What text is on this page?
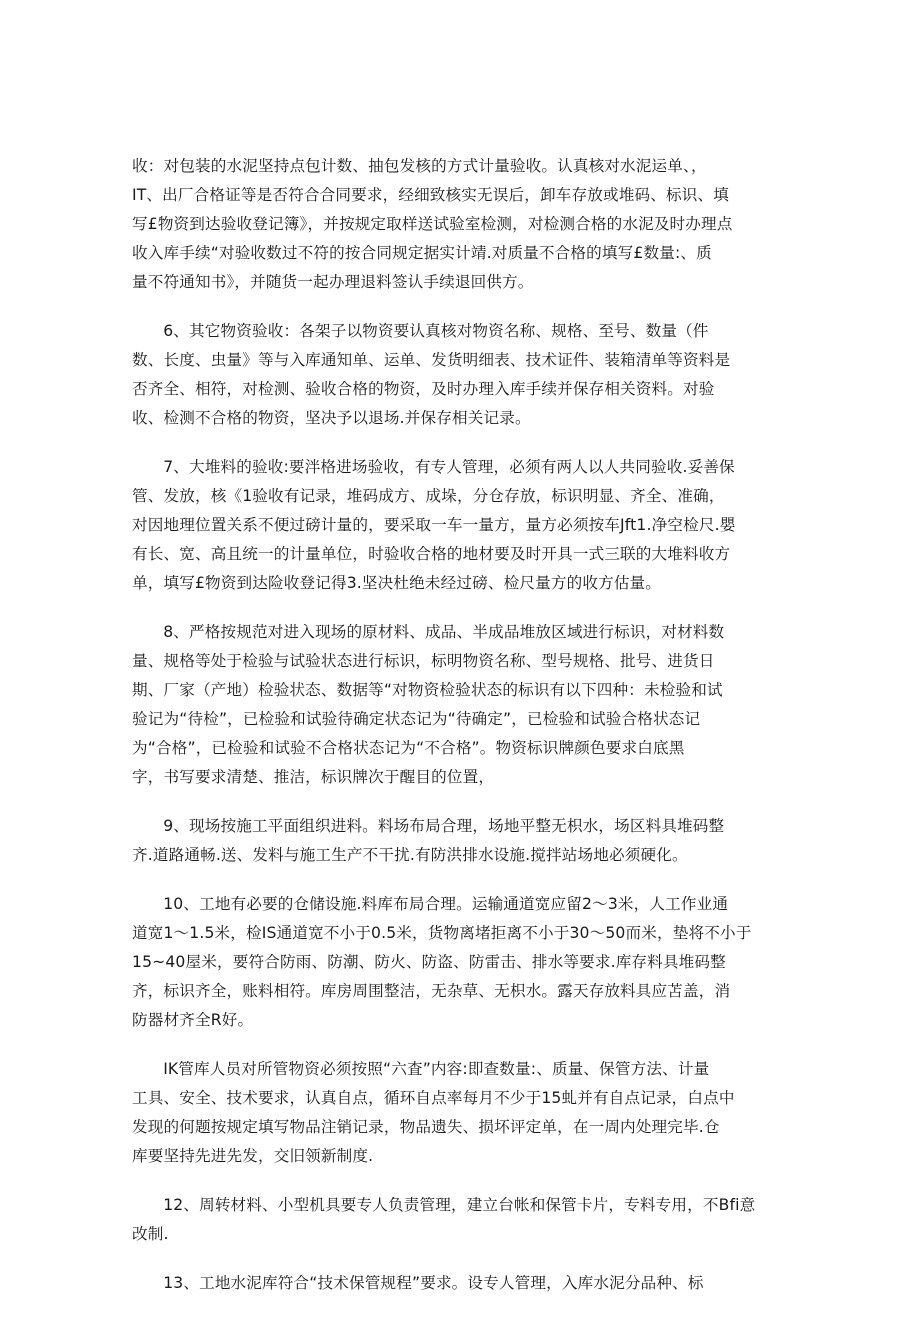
收：对包装的水泥坚持点包计数、抽包发核的方式计量验收。认真核对水泥运单、，
IT、出厂合格证等是否符合合同要求，经细致核实无误后，卸车存放或堆码、标识、填
写£物资到达验收登记簿》，并按规定取样送试验室检测，对检测合格的水泥及时办理点
收入库手续“对验收数过不符的按合同规定据实计靖.对质量不合格的填写£数量:、质
量不符通知书》，并随货一起办理退料签认手续退回供方。

6、其它物资验收：各架子以物资要认真核对物资名称、规格、至号、数量（件
数、长度、虫量》等与入库通知单、运单、发货明细表、技术证件、装箱清单等资料是
否齐全、相符，对检测、验收合格的物资，及时办理入库手续并保存相关资料。对验
收、检测不合格的物资，坚决予以退场.并保存相关记录。

7、大堆料的验收:要泮格进场验收，有专人管理，必须有两人以人共同验收.妥善保
管、发放，核《1验收有记录，堆码成方、成垛，分仓存放，标识明显、齐全、准确，
对因地理位置关系不便过磅计量的，要采取一车一量方，量方必须按车Jft1.净空检尺.嬰
有长、宽、高且统一的计量单位，时验收合格的地材要及时开具一式三联的大堆料收方
单，填写£物资到达险收登记得3.坚决杜绝未经过磅、检尺量方的收方估量。

8、严格按规范对进入现场的原材料、成品、半成品堆放区域进行标识，对材料数
量、规格等处于检验与试验状态进行标识，标明物资名称、型号规格、批号、进货日
期、厂家（产地）检验状态、数据等“对物资检验状态的标识有以下四种：未检验和试
验记为“待检”，已检验和试验待确定状态记为“待确定”，已检验和试验合格状态记
为“合格”，已检验和试验不合格状态记为“不合格”。物资标识牌颜色要求白底黑
字，书写要求清楚、推洁，标识牌次于醒目的位置，

9、现场按施工平面组织进料。料场布局合理，场地平整无枳水，场区料具堆码整
齐.道路通畅.送、发料与施工生产不干扰.有防洪排水设施.搅拌站场地必须硬化。

10、工地有必要的仓储设施.料库布局合理。运输通道宽应留2～3米，人工作业通
道宽1～1.5米，检IS通道宽不小于0.5米，货物离堵拒离不小于30～50而米，垫将不小于
15~40屋米，要符合防雨、防潮、防火、防盗、防雷击、排水等要求.库存料具堆码整
齐，标识齐全，账料相符。库房周围整洁，无杂草、无枳水。露天存放料具应苫盖，消
防器材齐全R好。

IK管库人员对所管物资必须按照“六査”内容:即查数量:、质量、保管方法、计量
工具、安全、技术要求，认真自点，循环自点率每月不少于15虬并有自点记录，白点中
发现的何题按规定填写物品注销记录，物品遗失、损坏评定单，在一周内处理完毕.仓
库要坚持先进先发，交旧领新制度.

12、周转材料、小型机具要专人负责管理，建立台帐和保管卡片，专料专用，不Bfi意
改制.

13、工地水泥库符合“技术保管规程”要求。设专人管理，入库水泥分品种、标
